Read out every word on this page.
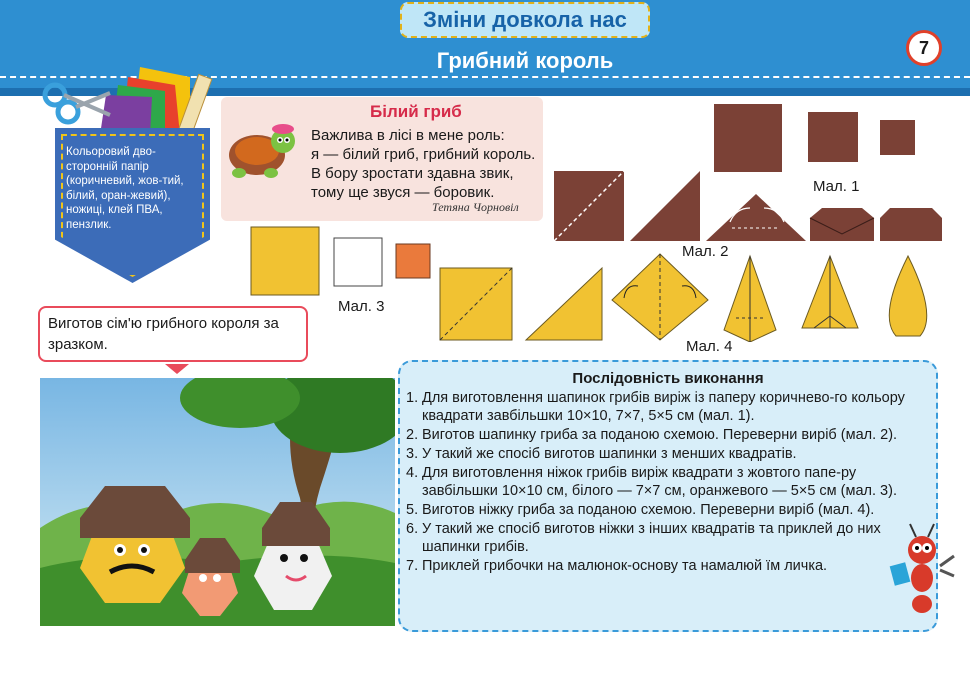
Зміни довкола нас
Грибний король
7
Кольоровий дво-сторонній папір (коричневий, жов-тий, білий, оран-жевий), ножиці, клей ПВА, пензлик.
Білий гриб
Важлива в лісі в мене роль:
я — білий гриб, грибний король.
В бору зростати здавна звик,
тому ще звуся — боровик.
Тетяна Чорновіл
Мал. 1
Мал. 2
Мал. 3
Мал. 4
Виготов сім'ю грибного короля за зразком.
Послідовність виконання
1. Для виготовлення шапинок грибів виріж із паперу коричнево-го кольору квадрати завбільшки 10×10, 7×7, 5×5 см (мал. 1).
2. Виготов шапинку гриба за поданою схемою. Переверни виріб (мал. 2).
3. У такий же спосіб виготов шапинки з менших квадратів.
4. Для виготовлення ніжок грибів виріж квадрати з жовтого папе-ру завбільшки 10×10 см, білого — 7×7 см, оранжевого — 5×5 см (мал. 3).
5. Виготов ніжку гриба за поданою схемою. Переверни виріб (мал. 4).
6. У такий же спосіб виготов ніжки з інших квадратів та приклей до них шапинки грибів.
7. Приклей грибочки на малюнок-основу та намалюй їм личка.
